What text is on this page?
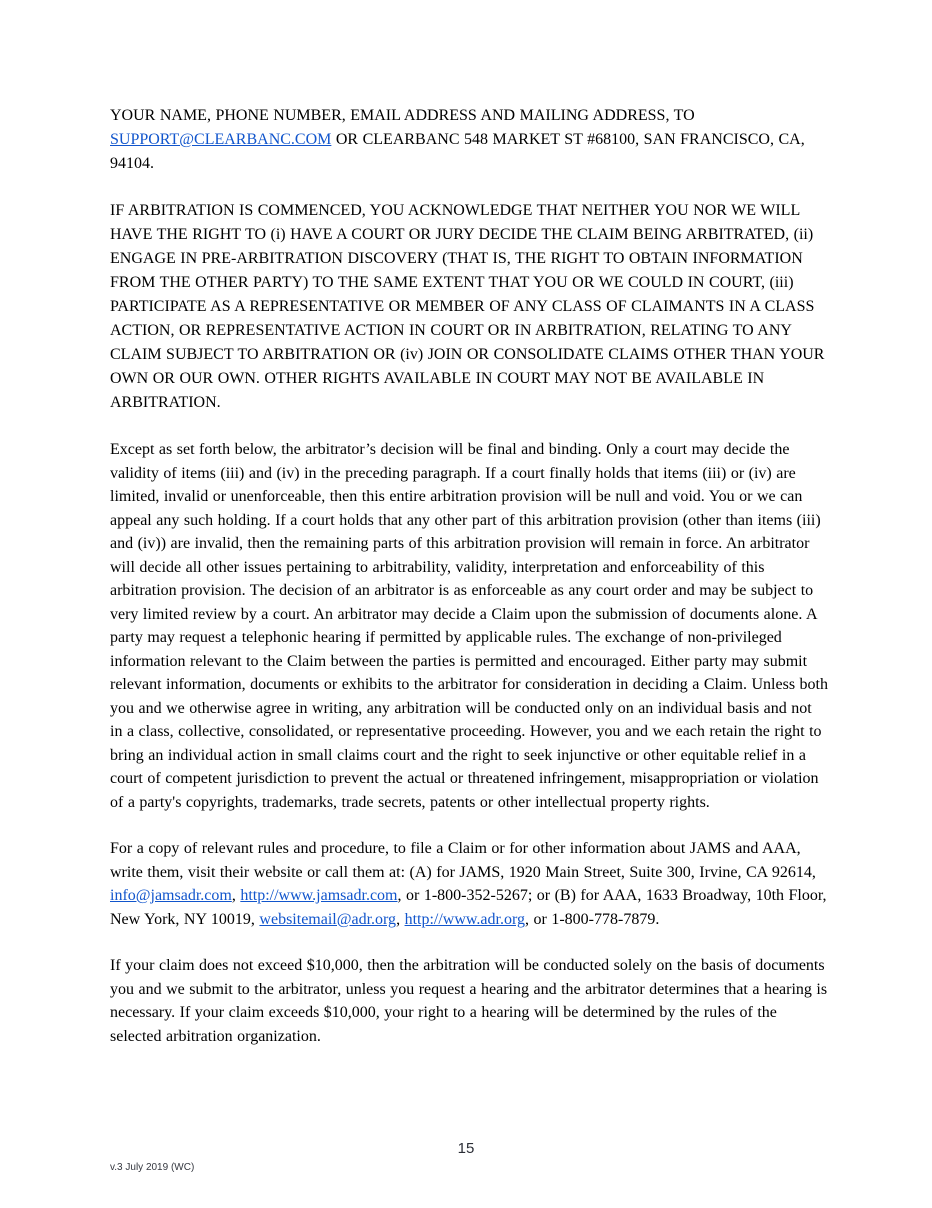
YOUR NAME, PHONE NUMBER, EMAIL ADDRESS AND MAILING ADDRESS, TO SUPPORT@CLEARBANC.COM OR CLEARBANC 548 MARKET ST #68100, SAN FRANCISCO, CA, 94104.

IF ARBITRATION IS COMMENCED, YOU ACKNOWLEDGE THAT NEITHER YOU NOR WE WILL HAVE THE RIGHT TO (i) HAVE A COURT OR JURY DECIDE THE CLAIM BEING ARBITRATED, (ii) ENGAGE IN PRE-ARBITRATION DISCOVERY (THAT IS, THE RIGHT TO OBTAIN INFORMATION FROM THE OTHER PARTY) TO THE SAME EXTENT THAT YOU OR WE COULD IN COURT, (iii) PARTICIPATE AS A REPRESENTATIVE OR MEMBER OF ANY CLASS OF CLAIMANTS IN A CLASS ACTION, OR REPRESENTATIVE ACTION IN COURT OR IN ARBITRATION, RELATING TO ANY CLAIM SUBJECT TO ARBITRATION OR (iv) JOIN OR CONSOLIDATE CLAIMS OTHER THAN YOUR OWN OR OUR OWN. OTHER RIGHTS AVAILABLE IN COURT MAY NOT BE AVAILABLE IN ARBITRATION.

Except as set forth below, the arbitrator’s decision will be final and binding. Only a court may decide the validity of items (iii) and (iv) in the preceding paragraph. If a court finally holds that items (iii) or (iv) are limited, invalid or unenforceable, then this entire arbitration provision will be null and void. You or we can appeal any such holding. If a court holds that any other part of this arbitration provision (other than items (iii) and (iv)) are invalid, then the remaining parts of this arbitration provision will remain in force. An arbitrator will decide all other issues pertaining to arbitrability, validity, interpretation and enforceability of this arbitration provision. The decision of an arbitrator is as enforceable as any court order and may be subject to very limited review by a court. An arbitrator may decide a Claim upon the submission of documents alone. A party may request a telephonic hearing if permitted by applicable rules. The exchange of non-privileged information relevant to the Claim between the parties is permitted and encouraged. Either party may submit relevant information, documents or exhibits to the arbitrator for consideration in deciding a Claim. Unless both you and we otherwise agree in writing, any arbitration will be conducted only on an individual basis and not in a class, collective, consolidated, or representative proceeding. However, you and we each retain the right to bring an individual action in small claims court and the right to seek injunctive or other equitable relief in a court of competent jurisdiction to prevent the actual or threatened infringement, misappropriation or violation of a party's copyrights, trademarks, trade secrets, patents or other intellectual property rights.

For a copy of relevant rules and procedure, to file a Claim or for other information about JAMS and AAA, write them, visit their website or call them at: (A) for JAMS, 1920 Main Street, Suite 300, Irvine, CA 92614, info@jamsadr.com, http://www.jamsadr.com, or 1-800-352-5267; or (B) for AAA, 1633 Broadway, 10th Floor, New York, NY 10019, websitemail@adr.org, http://www.adr.org, or 1-800-778-7879.

If your claim does not exceed $10,000, then the arbitration will be conducted solely on the basis of documents you and we submit to the arbitrator, unless you request a hearing and the arbitrator determines that a hearing is necessary. If your claim exceeds $10,000, your right to a hearing will be determined by the rules of the selected arbitration organization.

15
v.3 July 2019 (WC)
